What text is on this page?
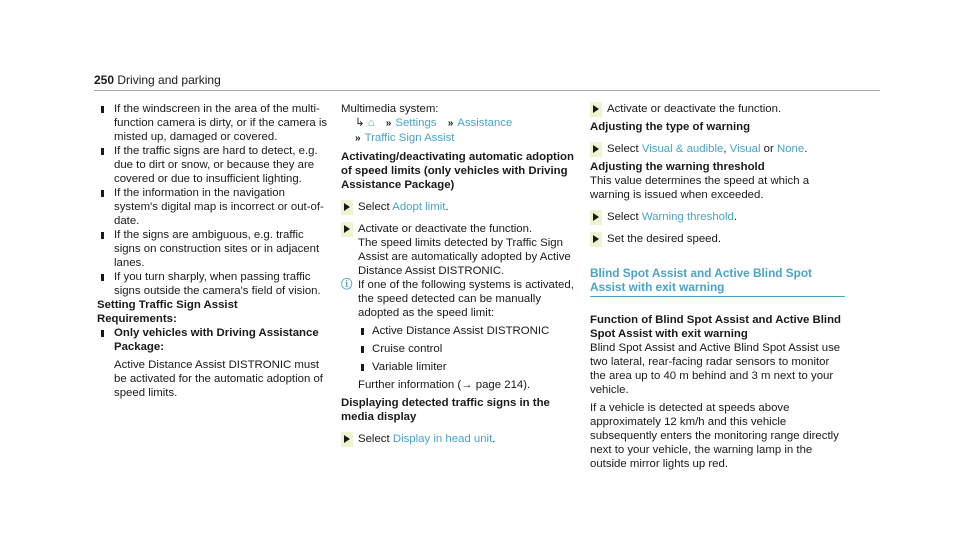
250 Driving and parking

If the windscreen in the area of the multi-function camera is dirty, or if the camera is misted up, damaged or covered.

If the traffic signs are hard to detect, e.g. due to dirt or snow, or because they are covered or due to insufficient lighting.

If the information in the navigation system's digital map is incorrect or out-of-date.

If the signs are ambiguous, e.g. traffic signs on construction sites or in adjacent lanes.

If you turn sharply, when passing traffic signs outside the camera's field of vision.

Setting Traffic Sign Assist

Requirements:

Only vehicles with Driving Assistance Package:

Active Distance Assist DISTRONIC must be activated for the automatic adoption of speed limits.

Multimedia system:

↳ ⌂ » Settings » Assistance

» Traffic Sign Assist

Activating/deactivating automatic adoption of speed limits (only vehicles with Driving Assistance Package)

Select Adopt limit.

Activate or deactivate the function.

The speed limits detected by Traffic Sign Assist are automatically adopted by Active Distance Assist DISTRONIC.

ⓘ If one of the following systems is activated, the speed detected can be manually adopted as the speed limit:

Active Distance Assist DISTRONIC

Cruise control

Variable limiter

Further information (→ page 214).

Displaying detected traffic signs in the media display

Select Display in head unit.

Activate or deactivate the function.

Adjusting the type of warning

Select Visual & audible, Visual or None.

Adjusting the warning threshold

This value determines the speed at which a warning is issued when exceeded.

Select Warning threshold.

Set the desired speed.

Blind Spot Assist and Active Blind Spot Assist with exit warning

Function of Blind Spot Assist and Active Blind Spot Assist with exit warning

Blind Spot Assist and Active Blind Spot Assist use two lateral, rear-facing radar sensors to monitor the area up to 40 m behind and 3 m next to your vehicle.

If a vehicle is detected at speeds above approximately 12 km/h and this vehicle subsequently enters the monitoring range directly next to your vehicle, the warning lamp in the outside mirror lights up red.
